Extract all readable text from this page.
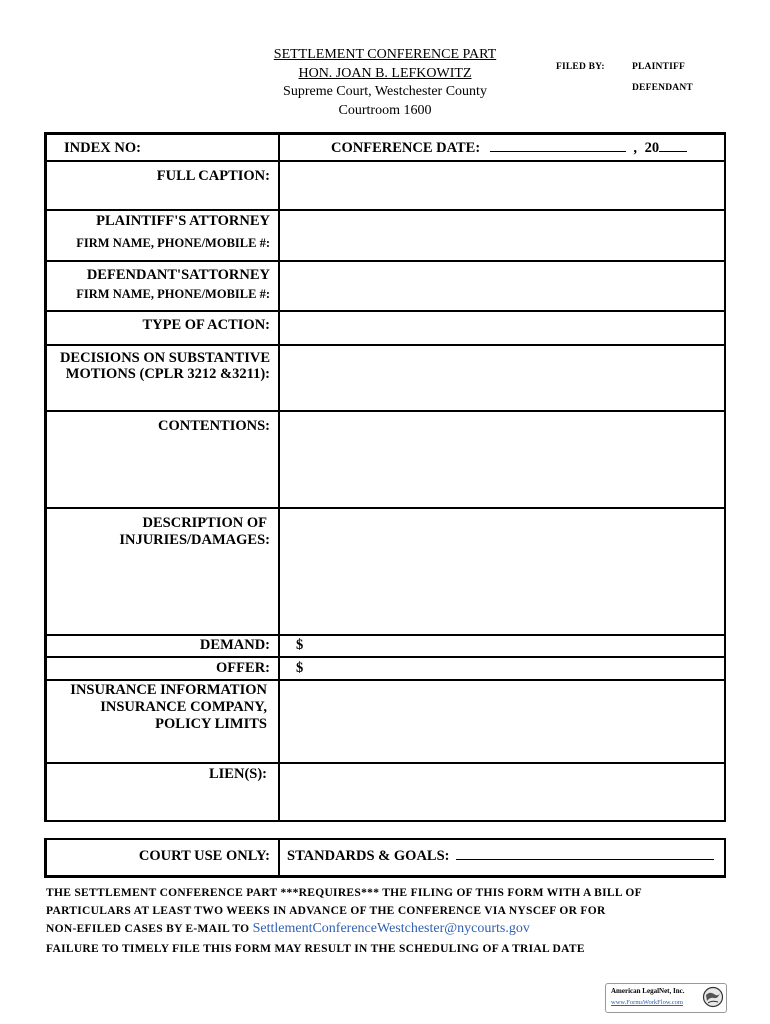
SETTLEMENT CONFERENCE PART
HON. JOAN B. LEFKOWITZ
Supreme Court, Westchester County
Courtroom 1600
FILED BY:	PLAINTIFF
DEFENDANT
INDEX NO:	CONFERENCE DATE:	, 20
FULL CAPTION:
PLAINTIFF'S ATTORNEY
FIRM NAME, PHONE/MOBILE #:
DEFENDANT'SATTORNEY
FIRM NAME, PHONE/MOBILE #:
TYPE OF ACTION:
DECISIONS ON SUBSTANTIVE
MOTIONS (CPLR 3212 &3211):
CONTENTIONS:
DESCRIPTION OF
INJURIES/DAMAGES:
DEMAND: $
OFFER: $
INSURANCE INFORMATION
INSURANCE COMPANY,
POLICY LIMITS
LIEN(S):
COURT USE ONLY: STANDARDS & GOALS:
THE SETTLEMENT CONFERENCE PART ***REQUIRES*** THE FILING OF THIS FORM WITH A BILL OF
PARTICULARS AT LEAST TWO WEEKS IN ADVANCE OF THE CONFERENCE VIA NYSCEF OR FOR
NON-EFILED CASES BY E-MAIL TO SettlementConferenceWestchester@nycourts.gov
FAILURE TO TIMELY FILE THIS FORM MAY RESULT IN THE SCHEDULING OF A TRIAL DATE
American LegalNet, Inc.
www.FormsWorkFlow.com
